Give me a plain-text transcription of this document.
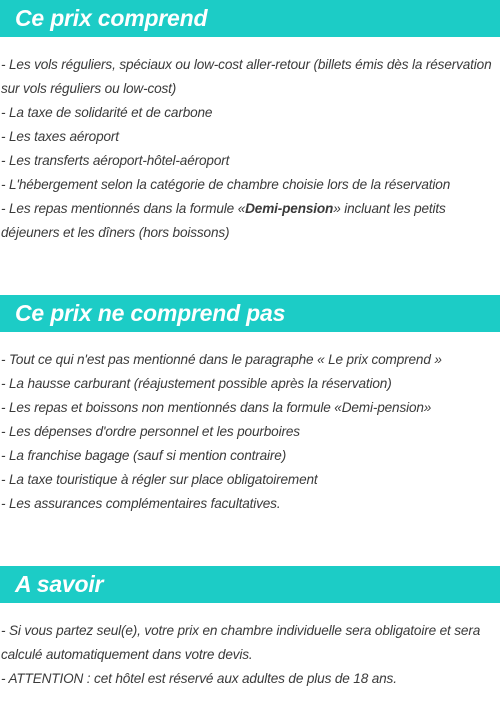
Ce prix comprend
- Les vols réguliers, spéciaux ou low-cost aller-retour (billets émis dès la réservation sur vols réguliers ou low-cost)
- La taxe de solidarité et de carbone
- Les taxes aéroport
- Les transferts aéroport-hôtel-aéroport
- L'hébergement selon la catégorie de chambre choisie lors de la réservation
- Les repas mentionnés dans la formule «Demi-pension» incluant les petits déjeuners et les dîners (hors boissons)
Ce prix ne comprend pas
- Tout ce qui n'est pas mentionné dans le paragraphe « Le prix comprend »
- La hausse carburant (réajustement possible après la réservation)
- Les repas et boissons non mentionnés dans la formule «Demi-pension»
- Les dépenses d'ordre personnel et les pourboires
- La franchise bagage (sauf si mention contraire)
- La taxe touristique à régler sur place obligatoirement
- Les assurances complémentaires facultatives.
A savoir
- Si vous partez seul(e), votre prix en chambre individuelle sera obligatoire et sera calculé automatiquement dans votre devis.
- ATTENTION : cet hôtel est réservé aux adultes de plus de 18 ans.
